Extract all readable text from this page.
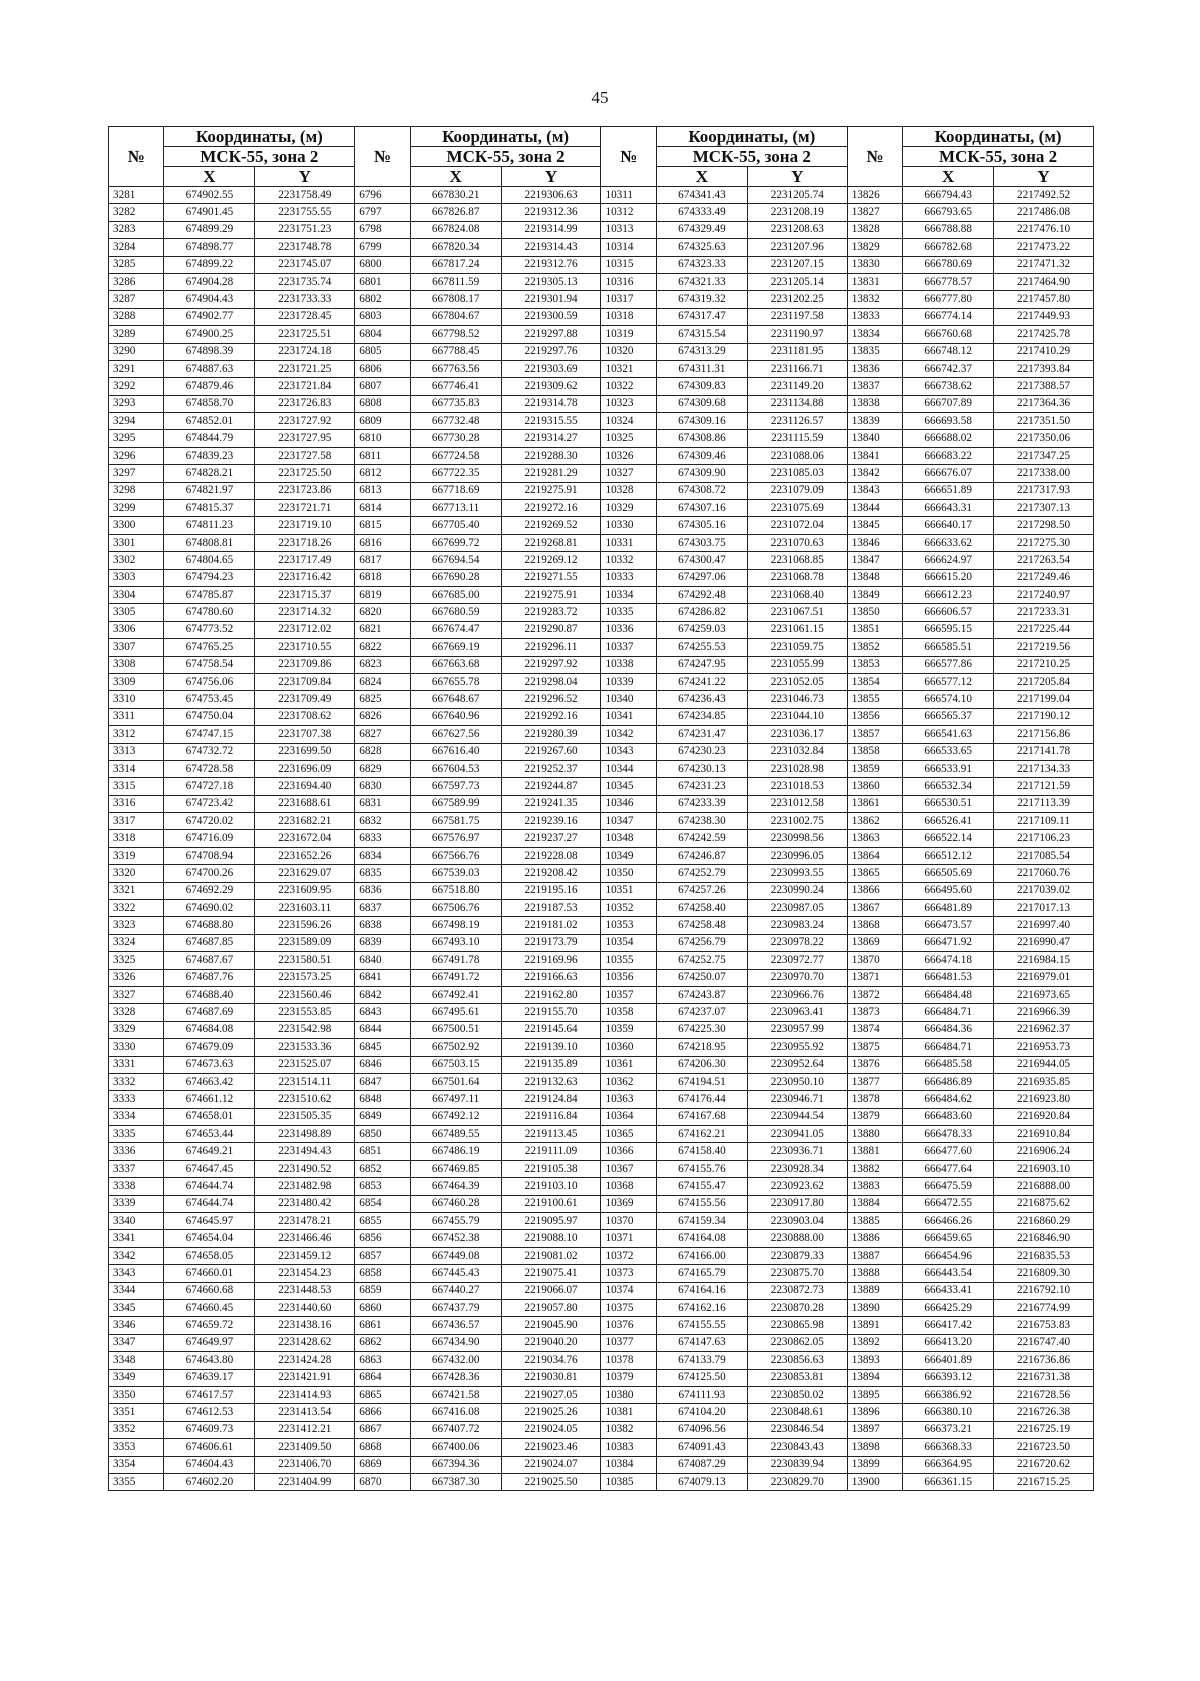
45
№	Координаты, (м)		№	Координаты, (м)		№	Координаты, (м)		№	Координаты, (м)	
	МСК-55, зона 2			МСК-55, зона 2			МСК-55, зона 2			МСК-55, зона 2	
	X	Y		X	Y		X	Y		X	Y
3281	674902.55	2231758.49	6796	667830.21	2219306.63	10311	674341.43	2231205.74	13826	666794.43	2217492.52
3282	674901.45	2231755.55	6797	667826.87	2219312.36	10312	674333.49	2231208.19	13827	666793.65	2217486.08
3283	674899.29	2231751.23	6798	667824.08	2219314.99	10313	674329.49	2231208.63	13828	666788.88	2217476.10
3284	674898.77	2231748.78	6799	667820.34	2219314.43	10314	674325.63	2231207.96	13829	666782.68	2217473.22
3285	674899.22	2231745.07	6800	667817.24	2219312.76	10315	674323.33	2231207.15	13830	666780.69	2217471.32
3286	674904.28	2231735.74	6801	667811.59	2219305.13	10316	674321.33	2231205.14	13831	666778.57	2217464.90
3287	674904.43	2231733.33	6802	667808.17	2219301.94	10317	674319.32	2231202.25	13832	666777.80	2217457.80
3288	674902.77	2231728.45	6803	667804.67	2219300.59	10318	674317.47	2231197.58	13833	666774.14	2217449.93
3289	674900.25	2231725.51	6804	667798.52	2219297.88	10319	674315.54	2231190.97	13834	666760.68	2217425.78
3290	674898.39	2231724.18	6805	667788.45	2219297.76	10320	674313.29	2231181.95	13835	666748.12	2217410.29
3291	674887.63	2231721.25	6806	667763.56	2219303.69	10321	674311.31	2231166.71	13836	666742.37	2217393.84
3292	674879.46	2231721.84	6807	667746.41	2219309.62	10322	674309.83	2231149.20	13837	666738.62	2217388.57
3293	674858.70	2231726.83	6808	667735.83	2219314.78	10323	674309.68	2231134.88	13838	666707.89	2217364.36
3294	674852.01	2231727.92	6809	667732.48	2219315.55	10324	674309.16	2231126.57	13839	666693.58	2217351.50
3295	674844.79	2231727.95	6810	667730.28	2219314.27	10325	674308.86	2231115.59	13840	666688.02	2217350.06
3296	674839.23	2231727.58	6811	667724.58	2219288.30	10326	674309.46	2231088.06	13841	666683.22	2217347.25
3297	674828.21	2231725.50	6812	667722.35	2219281.29	10327	674309.90	2231085.03	13842	666676.07	2217338.00
3298	674821.97	2231723.86	6813	667718.69	2219275.91	10328	674308.72	2231079.09	13843	666651.89	2217317.93
3299	674815.37	2231721.71	6814	667713.11	2219272.16	10329	674307.16	2231075.69	13844	666643.31	2217307.13
3300	674811.23	2231719.10	6815	667705.40	2219269.52	10330	674305.16	2231072.04	13845	666640.17	2217298.50
3301	674808.81	2231718.26	6816	667699.72	2219268.81	10331	674303.75	2231070.63	13846	666633.62	2217275.30
3302	674804.65	2231717.49	6817	667694.54	2219269.12	10332	674300.47	2231068.85	13847	666624.97	2217263.54
3303	674794.23	2231716.42	6818	667690.28	2219271.55	10333	674297.06	2231068.78	13848	666615.20	2217249.46
3304	674785.87	2231715.37	6819	667685.00	2219275.91	10334	674292.48	2231068.40	13849	666612.23	2217240.97
3305	674780.60	2231714.32	6820	667680.59	2219283.72	10335	674286.82	2231067.51	13850	666606.57	2217233.31
3306	674773.52	2231712.02	6821	667674.47	2219290.87	10336	674259.03	2231061.15	13851	666595.15	2217225.44
3307	674765.25	2231710.55	6822	667669.19	2219296.11	10337	674255.53	2231059.75	13852	666585.51	2217219.56
3308	674758.54	2231709.86	6823	667663.68	2219297.92	10338	674247.95	2231055.99	13853	666577.86	2217210.25
3309	674756.06	2231709.84	6824	667655.78	2219298.04	10339	674241.22	2231052.05	13854	666577.12	2217205.84
3310	674753.45	2231709.49	6825	667648.67	2219296.52	10340	674236.43	2231046.73	13855	666574.10	2217199.04
3311	674750.04	2231708.62	6826	667640.96	2219292.16	10341	674234.85	2231044.10	13856	666565.37	2217190.12
3312	674747.15	2231707.38	6827	667627.56	2219280.39	10342	674231.47	2231036.17	13857	666541.63	2217156.86
3313	674732.72	2231699.50	6828	667616.40	2219267.60	10343	674230.23	2231032.84	13858	666533.65	2217141.78
3314	674728.58	2231696.09	6829	667604.53	2219252.37	10344	674230.13	2231028.98	13859	666533.91	2217134.33
3315	674727.18	2231694.40	6830	667597.73	2219244.87	10345	674231.23	2231018.53	13860	666532.34	2217121.59
3316	674723.42	2231688.61	6831	667589.99	2219241.35	10346	674233.39	2231012.58	13861	666530.51	2217113.39
3317	674720.02	2231682.21	6832	667581.75	2219239.16	10347	674238.30	2231002.75	13862	666526.41	2217109.11
3318	674716.09	2231672.04	6833	667576.97	2219237.27	10348	674242.59	2230998.56	13863	666522.14	2217106.23
3319	674708.94	2231652.26	6834	667566.76	2219228.08	10349	674246.87	2230996.05	13864	666512.12	2217085.54
3320	674700.26	2231629.07	6835	667539.03	2219208.42	10350	674252.79	2230993.55	13865	666505.69	2217060.76
3321	674692.29	2231609.95	6836	667518.80	2219195.16	10351	674257.26	2230990.24	13866	666495.60	2217039.02
3322	674690.02	2231603.11	6837	667506.76	2219187.53	10352	674258.40	2230987.05	13867	666481.89	2217017.13
3323	674688.80	2231596.26	6838	667498.19	2219181.02	10353	674258.48	2230983.24	13868	666473.57	2216997.40
3324	674687.85	2231589.09	6839	667493.10	2219173.79	10354	674256.79	2230978.22	13869	666471.92	2216990.47
3325	674687.67	2231580.51	6840	667491.78	2219169.96	10355	674252.75	2230972.77	13870	666474.18	2216984.15
3326	674687.76	2231573.25	6841	667491.72	2219166.63	10356	674250.07	2230970.70	13871	666481.53	2216979.01
3327	674688.40	2231560.46	6842	667492.41	2219162.80	10357	674243.87	2230966.76	13872	666484.48	2216973.65
3328	674687.69	2231553.85	6843	667495.61	2219155.70	10358	674237.07	2230963.41	13873	666484.71	2216966.39
3329	674684.08	2231542.98	6844	667500.51	2219145.64	10359	674225.30	2230957.99	13874	666484.36	2216962.37
3330	674679.09	2231533.36	6845	667502.92	2219139.10	10360	674218.95	2230955.92	13875	666484.71	2216953.73
3331	674673.63	2231525.07	6846	667503.15	2219135.89	10361	674206.30	2230952.64	13876	666485.58	2216944.05
3332	674663.42	2231514.11	6847	667501.64	2219132.63	10362	674194.51	2230950.10	13877	666486.89	2216935.85
3333	674661.12	2231510.62	6848	667497.11	2219124.84	10363	674176.44	2230946.71	13878	666484.62	2216923.80
3334	674658.01	2231505.35	6849	667492.12	2219116.84	10364	674167.68	2230944.54	13879	666483.60	2216920.84
3335	674653.44	2231498.89	6850	667489.55	2219113.45	10365	674162.21	2230941.05	13880	666478.33	2216910.84
3336	674649.21	2231494.43	6851	667486.19	2219111.09	10366	674158.40	2230936.71	13881	666477.60	2216906.24
3337	674647.45	2231490.52	6852	667469.85	2219105.38	10367	674155.76	2230928.34	13882	666477.64	2216903.10
3338	674644.74	2231482.98	6853	667464.39	2219103.10	10368	674155.47	2230923.62	13883	666475.59	2216888.00
3339	674644.74	2231480.42	6854	667460.28	2219100.61	10369	674155.56	2230917.80	13884	666472.55	2216875.62
3340	674645.97	2231478.21	6855	667455.79	2219095.97	10370	674159.34	2230903.04	13885	666466.26	2216860.29
3341	674654.04	2231466.46	6856	667452.38	2219088.10	10371	674164.08	2230888.00	13886	666459.65	2216846.90
3342	674658.05	2231459.12	6857	667449.08	2219081.02	10372	674166.00	2230879.33	13887	666454.96	2216835.53
3343	674660.01	2231454.23	6858	667445.43	2219075.41	10373	674165.79	2230875.70	13888	666443.54	2216809.30
3344	674660.68	2231448.53	6859	667440.27	2219066.07	10374	674164.16	2230872.73	13889	666433.41	2216792.10
3345	674660.45	2231440.60	6860	667437.79	2219057.80	10375	674162.16	2230870.28	13890	666425.29	2216774.99
3346	674659.72	2231438.16	6861	667436.57	2219045.90	10376	674155.55	2230865.98	13891	666417.42	2216753.83
3347	674649.97	2231428.62	6862	667434.90	2219040.20	10377	674147.63	2230862.05	13892	666413.20	2216747.40
3348	674643.80	2231424.28	6863	667432.00	2219034.76	10378	674133.79	2230856.63	13893	666401.89	2216736.86
3349	674639.17	2231421.91	6864	667428.36	2219030.81	10379	674125.50	2230853.81	13894	666393.12	2216731.38
3350	674617.57	2231414.93	6865	667421.58	2219027.05	10380	674111.93	2230850.02	13895	666386.92	2216728.56
3351	674612.53	2231413.54	6866	667416.08	2219025.26	10381	674104.20	2230848.61	13896	666380.10	2216726.38
3352	674609.73	2231412.21	6867	667407.72	2219024.05	10382	674096.56	2230846.54	13897	666373.21	2216725.19
3353	674606.61	2231409.50	6868	667400.06	2219023.46	10383	674091.43	2230843.43	13898	666368.33	2216723.50
3354	674604.43	2231406.70	6869	667394.36	2219024.07	10384	674087.29	2230839.94	13899	666364.95	2216720.62
3355	674602.20	2231404.99	6870	667387.30	2219025.50	10385	674079.13	2230829.70	13900	666361.15	2216715.25
